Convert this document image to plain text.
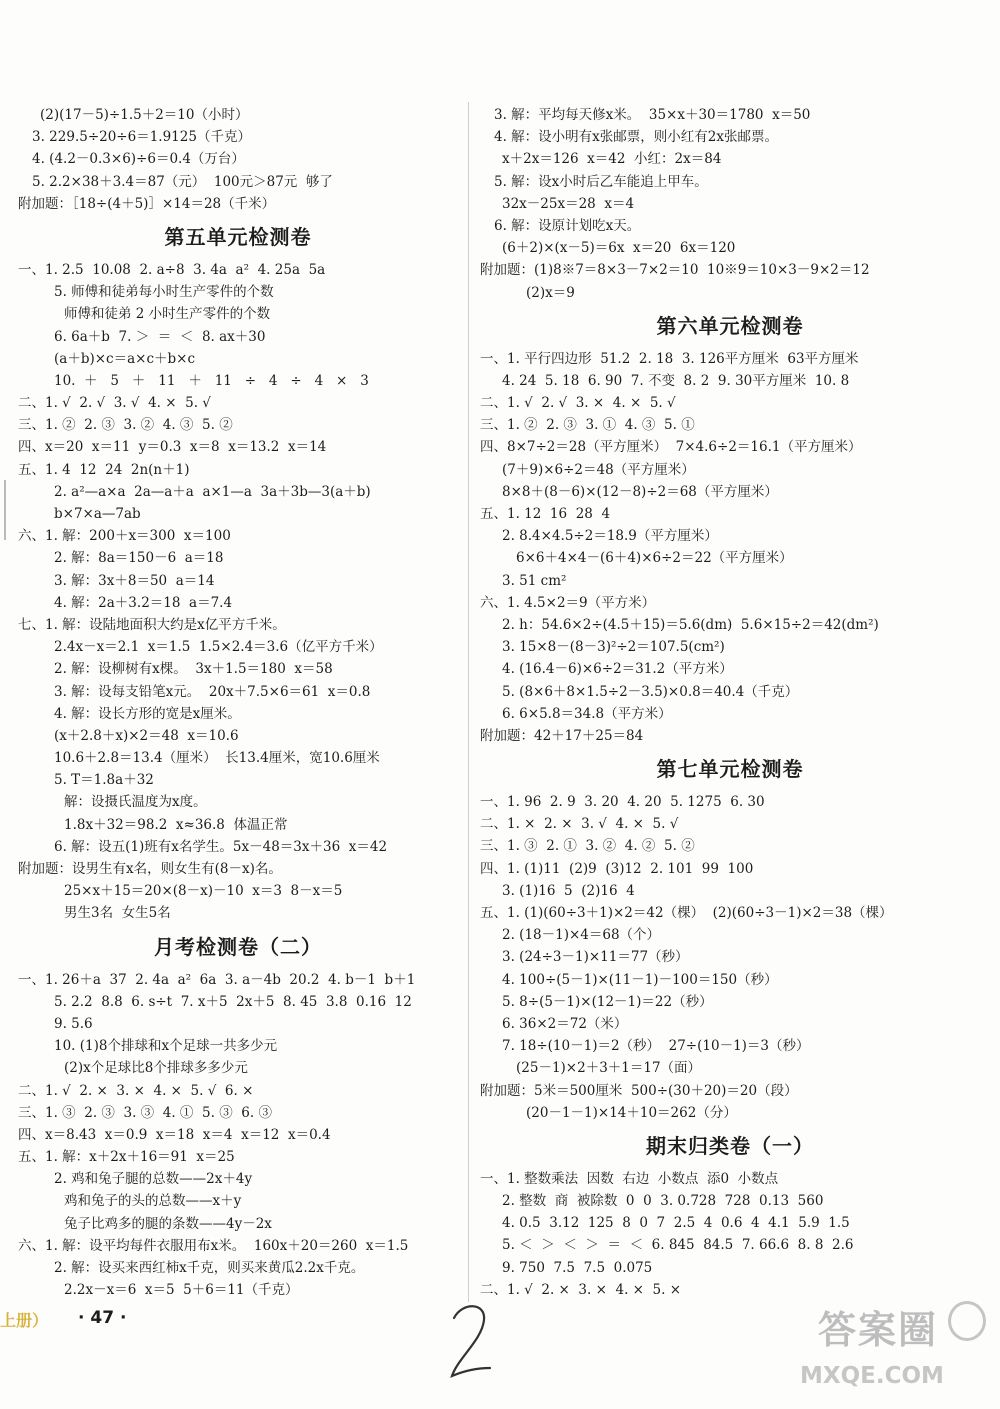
(2)(17－5)÷1.5＋2＝10（小时）
3. 229.5÷20÷6＝1.9125（千克）
4. (4.2－0.3×6)÷6＝0.4（万台）
5. 2.2×38＋3.4＝87（元）  100元＞87元  够了
附加题：［18÷(4＋5)］×14＝28（千米）
第五单元检测卷
一、1. 2.5  10.08  2. a÷8  3. 4a  a²  4. 25a  5a
5. 师傅和徒弟每小时生产零件的个数
师傅和徒弟 2 小时生产零件的个数
6. 6a＋b  7. ＞  ＝  ＜  8. ax＋30
(a＋b)×c＝a×c＋b×c
10.  ＋   5   ＋   11   ＋   11   ÷   4   ÷   4   ×   3
二、1. √  2. √  3. √  4. ×  5. √
三、1. ②  2. ③  3. ②  4. ③  5. ②
四、x＝20  x＝11  y＝0.3  x＝8  x＝13.2  x＝14
五、1. 4  12  24  2n(n＋1)
2. a²—a×a  2a—a＋a  a×1—a  3a＋3b—3(a＋b)
b×7×a—7ab
六、1. 解：200＋x＝300  x＝100
2. 解：8a＝150－6  a＝18
3. 解：3x＋8＝50  a＝14
4. 解：2a＋3.2＝18  a＝7.4
七、1. 解：设陆地面积大约是x亿平方千米。
2.4x－x＝2.1  x＝1.5  1.5×2.4＝3.6（亿平方千米）
2. 解：设柳树有x棵。  3x＋1.5＝180  x＝58
3. 解：设每支铅笔x元。  20x＋7.5×6＝61  x＝0.8
4. 解：设长方形的宽是x厘米。
(x＋2.8＋x)×2＝48  x＝10.6
10.6＋2.8＝13.4（厘米）  长13.4厘米，宽10.6厘米
5. T＝1.8a＋32
解：设摄氏温度为x度。
1.8x＋32＝98.2  x≈36.8  体温正常
6. 解：设五(1)班有x名学生。5x－48＝3x＋36  x＝42
附加题：设男生有x名，则女生有(8－x)名。
25×x＋15＝20×(8－x)－10  x＝3  8－x＝5
男生3名  女生5名
月考检测卷（二）
一、1. 26＋a  37  2. 4a  a²  6a  3. a－4b  20.2  4. b－1  b＋1
5. 2.2  8.8  6. s÷t  7. x＋5  2x＋5  8. 45  3.8  0.16  12
9. 5.6
10. (1)8个排球和x个足球一共多少元
(2)x个足球比8个排球多多少元
二、1. √  2. ×  3. ×  4. ×  5. √  6. ×
三、1. ③  2. ③  3. ③  4. ①  5. ③  6. ③
四、x＝8.43  x＝0.9  x＝18  x＝4  x＝12  x＝0.4
五、1. 解：x＋2x＋16＝91  x＝25
2. 鸡和兔子腿的总数——2x＋4y
鸡和兔子的头的总数——x＋y
兔子比鸡多的腿的条数——4y－2x
六、1. 解：设平均每件衣服用布x米。  160x＋20＝260  x＝1.5
2. 解：设买来西红柿x千克，则买来黄瓜2.2x千克。
2.2x－x＝6  x＝5  5＋6＝11（千克）
3. 解：平均每天修x米。  35×x＋30＝1780  x＝50
4. 解：设小明有x张邮票，则小红有2x张邮票。
x＋2x＝126  x＝42  小红：2x＝84
5. 解：设x小时后乙车能追上甲车。
32x－25x＝28  x＝4
6. 解：设原计划吃x天。
(6＋2)×(x－5)＝6x  x＝20  6x＝120
附加题：(1)8※7＝8×3－7×2＝10  10※9＝10×3－9×2＝12
(2)x＝9
第六单元检测卷
一、1. 平行四边形  51.2  2. 18  3. 126平方厘米  63平方厘米
4. 24  5. 18  6. 90  7. 不变  8. 2  9. 30平方厘米  10. 8
二、1. √  2. √  3. ×  4. ×  5. √
三、1. ②  2. ③  3. ①  4. ③  5. ①
四、8×7÷2＝28（平方厘米）  7×4.6÷2＝16.1（平方厘米）
(7＋9)×6÷2＝48（平方厘米）
8×8＋(8－6)×(12－8)÷2＝68（平方厘米）
五、1. 12  16  28  4
2. 8.4×4.5÷2＝18.9（平方厘米）
6×6＋4×4－(6＋4)×6÷2＝22（平方厘米）
3. 51 cm²
六、1. 4.5×2＝9（平方米）
2. h：54.6×2÷(4.5＋15)＝5.6(dm)  5.6×15÷2＝42(dm²)
3. 15×8－(8－3)²÷2＝107.5(cm²)
4. (16.4－6)×6÷2＝31.2（平方米）
5. (8×6＋8×1.5÷2－3.5)×0.8＝40.4（千克）
6. 6×5.8＝34.8（平方米）
附加题：42＋17＋25＝84
第七单元检测卷
一、1. 96  2. 9  3. 20  4. 20  5. 1275  6. 30
二、1. ×  2. ×  3. √  4. ×  5. √
三、1. ③  2. ①  3. ②  4. ②  5. ②
四、1. (1)11  (2)9  (3)12  2. 101  99  100
3. (1)16  5  (2)16  4
五、1. (1)(60÷3＋1)×2＝42（棵）  (2)(60÷3－1)×2＝38（棵）
2. (18－1)×4＝68（个）
3. (24÷3－1)×11＝77（秒）
4. 100÷(5－1)×(11－1)－100＝150（秒）
5. 8÷(5－1)×(12－1)＝22（秒）
6. 36×2＝72（米）
7. 18÷(10－1)＝2（秒）  27÷(10－1)＝3（秒）
(25－1)×2＋3＋1＝17（面）
附加题：5米＝500厘米  500÷(30＋20)＝20（段）
(20－1－1)×14＋10＝262（分）
期末归类卷（一）
一、1. 整数乘法  因数  右边  小数点  添0  小数点
2. 整数  商  被除数  0  0  3. 0.728  728  0.13  560
4. 0.5  3.12  125  8  0  7  2.5  4  0.6  4  4.1  5.9  1.5
5. ＜  ＞  ＜  ＞  ＝  ＜  6. 845  84.5  7. 66.6  8. 8  2.6
9. 750  7.5  7.5  0.075
二、1. √  2. ×  3. ×  4. ×  5. ×
上册） · 47 ·	答案圈
MXQE.COM
